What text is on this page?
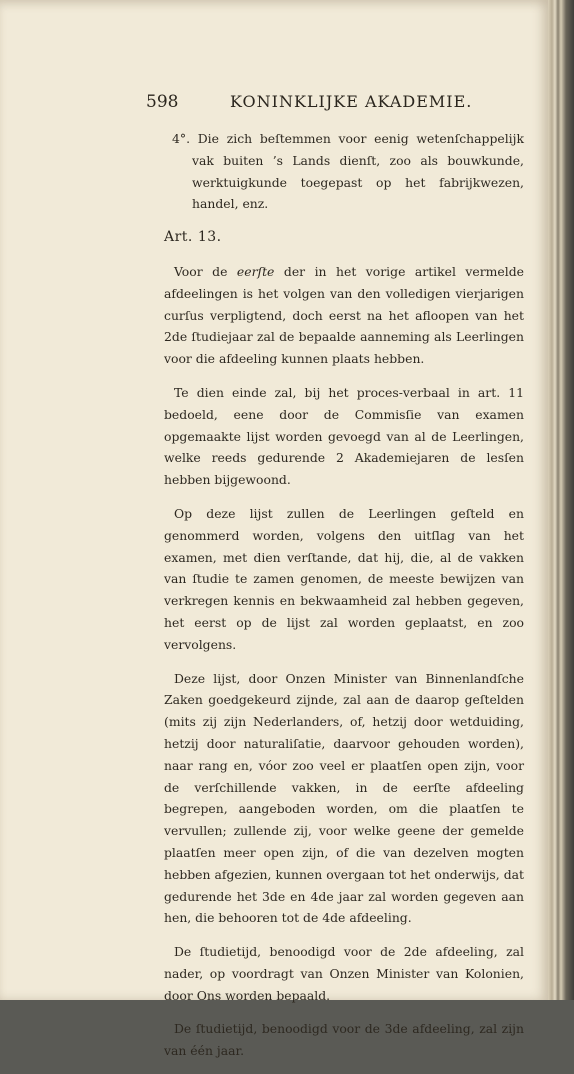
598	KONINKLIJKE AKADEMIE.

4°. Die zich beſtemmen voor eenig wetenſchappelijk vak buiten ’s Lands dienſt, zoo als bouwkunde, werktuigkunde toegepast op het fabrijkwezen, handel, enz.

Art. 13.

Voor de eerſte der in het vorige artikel vermelde afdeelingen is het volgen van den volledigen vierjarigen curſus verpligtend, doch eerst na het afloopen van het 2de ſtudiejaar zal de bepaalde aanneming als Leerlingen voor die afdeeling kunnen plaats hebben.

Te dien einde zal, bij het proces-verbaal in art. 11 bedoeld, eene door de Commisſie van examen opgemaakte lijst worden gevoegd van al de Leerlingen, welke reeds gedurende 2 Akademiejaren de lesſen hebben bijgewoond.

Op deze lijst zullen de Leerlingen geſteld en genommerd worden, volgens den uitſlag van het examen, met dien verſtande, dat hij, die, al de vakken van ſtudie te zamen genomen, de meeste bewijzen van verkregen kennis en bekwaamheid zal hebben gegeven, het eerst op de lijst zal worden geplaatst, en zoo vervolgens.

Deze lijst, door Onzen Minister van Binnenlandſche Zaken goedgekeurd zijnde, zal aan de daarop geſtelden (mits zij zijn Nederlanders, of, hetzij door wetduiding, hetzij door naturaliſatie, daarvoor gehouden worden), naar rang en, vóor zoo veel er plaatſen open zijn, voor de verſchillende vakken, in de eerſte afdeeling begrepen, aangeboden worden, om die plaatſen te vervullen; zullende zij, voor welke geene der gemelde plaatſen meer open zijn, of die van dezelven mogten hebben afgezien, kunnen overgaan tot het onderwijs, dat gedurende het 3de en 4de jaar zal worden gegeven aan hen, die behooren tot de 4de afdeeling.

De ſtudietijd, benoodigd voor de 2de afdeeling, zal nader, op voordragt van Onzen Minister van Kolonien, door Ons worden bepaald.

De ſtudietijd, benoodigd voor de 3de afdeeling, zal zijn van één jaar.
